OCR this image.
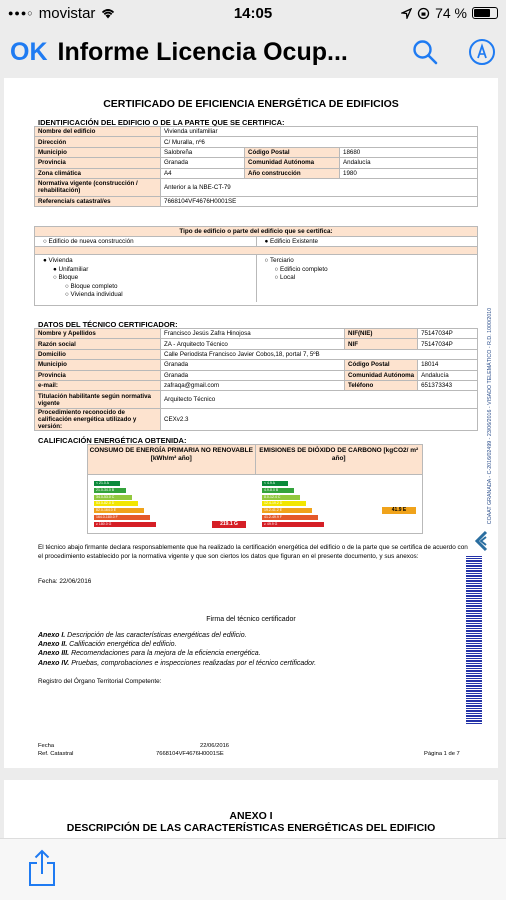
●●●○ movistar	14:05	74 %
OK Informe Licencia Ocup...
CERTIFICADO DE EFICIENCIA ENERGÉTICA DE EDIFICIOS
IDENTIFICACIÓN DEL EDIFICIO O DE LA PARTE QUE SE CERTIFICA:
Nombre del edificio	Vivienda unifamiliar		
Dirección	C/ Muralla, nº6		
Municipio	Salobreña	Código Postal	18680
Provincia	Granada	Comunidad Autónoma	Andalucía
Zona climática	A4	Año construcción	1980
Normativa vigente (construcción / rehabilitación)	Anterior a la NBE-CT-79		
Referencia/s catastral/es	7668104VF4676H0001SE		
Tipo de edificio o parte del edificio que se certifica:
○ Edificio de nueva construcción	● Edificio Existente
● Vivienda
● Unifamiliar
○ Bloque
○ Bloque completo
○ Vivienda individual
○ Terciario
○ Edificio completo
○ Local
DATOS DEL TÉCNICO CERTIFICADOR:
Nombre y Apellidos	Francisco Jesús Zafra Hinojosa	NIF(NIE)	75147034P
Razón social	ZA - Arquitecto Técnico	NIF	75147034P
Domicilio	Calle Periodista Francisco Javier Cobos,18, portal 7, 5ºB		
Municipio	Granada	Código Postal	18014
Provincia	Granada	Comunidad Autónoma	Andalucía
e-mail:	zafraqa@gmail.com	Teléfono	651373343
Titulación habilitante según normativa vigente	Arquitecto Técnico		
Procedimiento reconocido de calificación energética utilizado y versión:	CEXv2.3		
CALIFICACIÓN ENERGÉTICA OBTENIDA:
CONSUMO DE ENERGÍA PRIMARIA NO RENOVABLE [kWh/m² año]
EMISIONES DE DIÓXIDO DE CARBONO [kgCO2/ m² año]
< 21.0 A
21.0-34.0 B
34.0-53.0 C
53.0-82.0 D
82.0-164.0 E
164.0-180.0 F
≥ 180.0 G	219.1 G
< 4.9 A
4.9-8.0 B
8.0-12.4 C
12.4-19.2 D
19.2-41.2 E
41.2-49.9 F
≥ 49.9 G
41.9 E
El técnico abajo firmante declara responsablemente que ha realizado la certificación energética del edificio o de la parte que se certifica de acuerdo con el procedimiento establecido por la normativa vigente y que son ciertos los datos que figuran en el presente documento, y sus anexos:
Fecha: 22/06/2016
Firma del técnico certificador
Anexo I. Descripción de las características energéticas del edificio.
Anexo II. Calificación energética del edificio.
Anexo III. Recomendaciones para la mejora de la eficiencia energética.
Anexo IV. Pruebas, comprobaciones e inspecciones realizadas por el técnico certificador.
Registro del Órgano Territorial Competente:
Fecha
Ref. Catastral
22/06/2016
7668104VF4676H0001SE	Página 1 de 7
COAAT GRANADA - C-2016/02499 - 23/06/2016 - VISADO TELEMÁTICO - R.D. 1000/2010
ANEXO I
DESCRIPCIÓN DE LAS CARACTERÍSTICAS ENERGÉTICAS DEL EDIFICIO
